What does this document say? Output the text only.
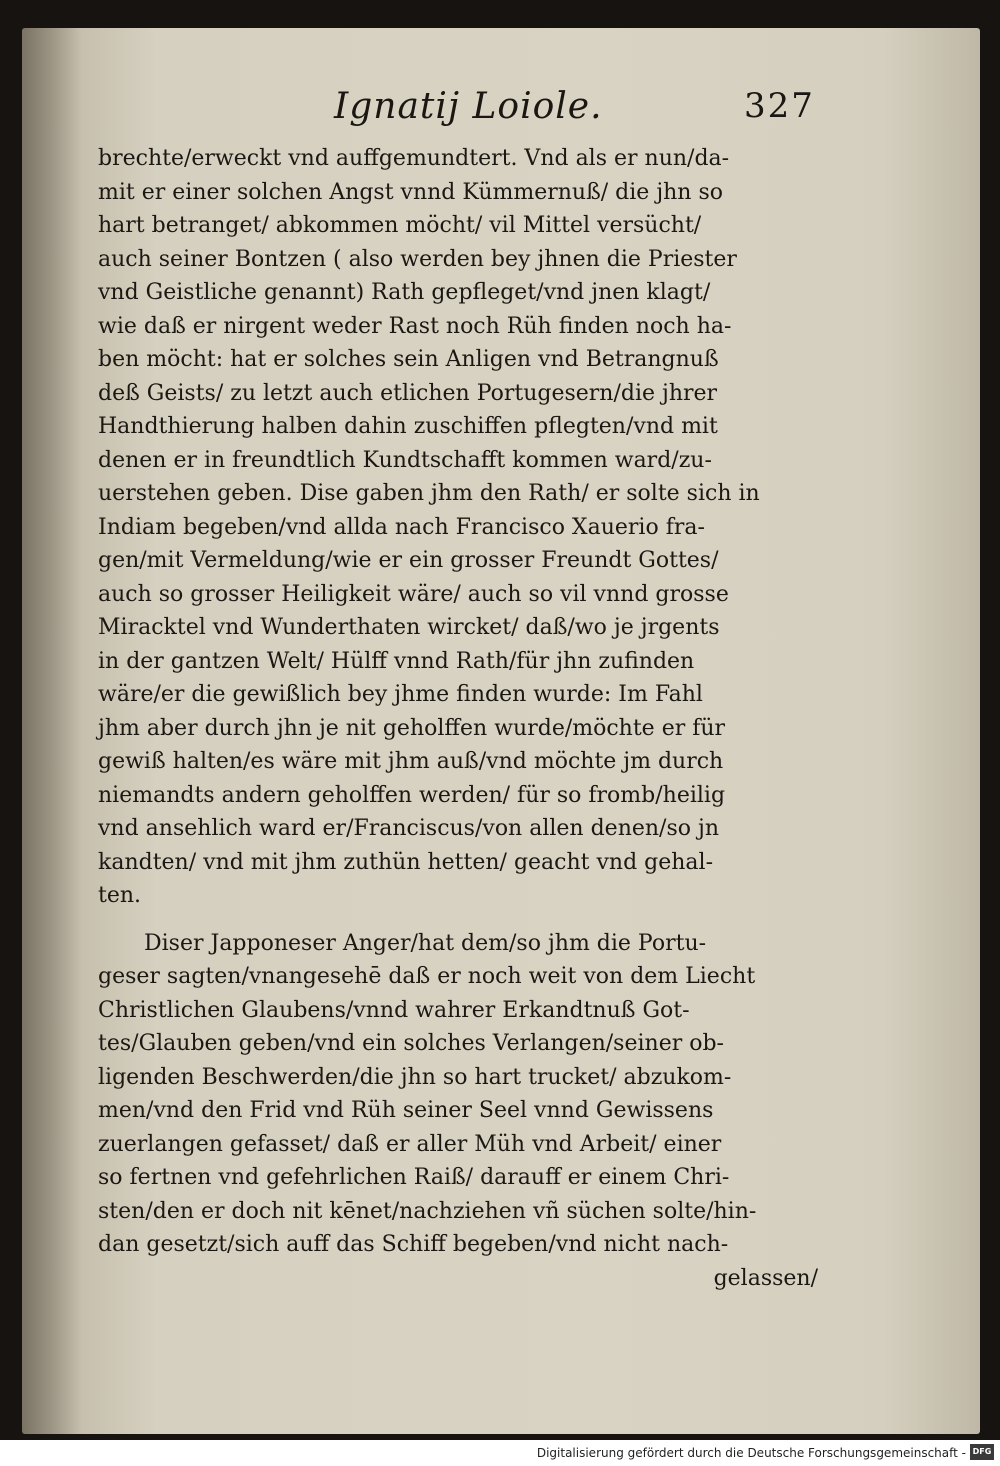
Ignatij Loiole.	327
brechte/erweckt vnd auffgemundtert. Vnd als er nun/da-
mit er einer solchen Angst vnnd Kümmernuß/ die jhn so
hart betranget/ abkommen möcht/ vil Mittel versücht/
auch seiner Bontzen ( also werden bey jhnen die Priester
vnd Geistliche genannt) Rath gepfleget/vnd jnen klagt/
wie daß er nirgent weder Rast noch Rüh finden noch ha-
ben möcht: hat er solches sein Anligen vnd Betrangnuß
deß Geists/ zu letzt auch etlichen Portugesern/die jhrer
Handthierung halben dahin zuschiffen pflegten/vnd mit
denen er in freundtlich Kundtschafft kommen ward/zu-
uerstehen geben. Dise gaben jhm den Rath/ er solte sich in
Indiam begeben/vnd allda nach Francisco Xauerio fra-
gen/mit Vermeldung/wie er ein grosser Freundt Gottes/
auch so grosser Heiligkeit wäre/ auch so vil vnnd grosse
Miracktel vnd Wunderthaten wircket/ daß/wo je jrgents
in der gantzen Welt/ Hülff vnnd Rath/für jhn zufinden
wäre/er die gewißlich bey jhme finden wurde: Im Fahl
jhm aber durch jhn je nit geholffen wurde/möchte er für
gewiß halten/es wäre mit jhm auß/vnd möchte jm durch
niemandts andern geholffen werden/ für so fromb/heilig
vnd ansehlich ward er/Franciscus/von allen denen/so jn
kandten/ vnd mit jhm zuthün hetten/ geacht vnd gehal-
ten.
Diser Japponeser Anger/hat dem/so jhm die Portu-
geser sagten/vnangesehē daß er noch weit von dem Liecht
Christlichen Glaubens/vnnd wahrer Erkandtnuß Got-
tes/Glauben geben/vnd ein solches Verlangen/seiner ob-
ligenden Beschwerden/die jhn so hart trucket/ abzukom-
men/vnd den Frid vnd Rüh seiner Seel vnnd Gewissens
zuerlangen gefasset/ daß er aller Müh vnd Arbeit/ einer
so fertnen vnd gefehrlichen Raiß/ darauff er einem Chri-
sten/den er doch nit kēnet/nachziehen vñ süchen solte/hin-
dan gesetzt/sich auff das Schiff begeben/vnd nicht nach-
gelassen/
Digitalisierung gefördert durch die Deutsche Forschungsgemeinschaft - DFG
